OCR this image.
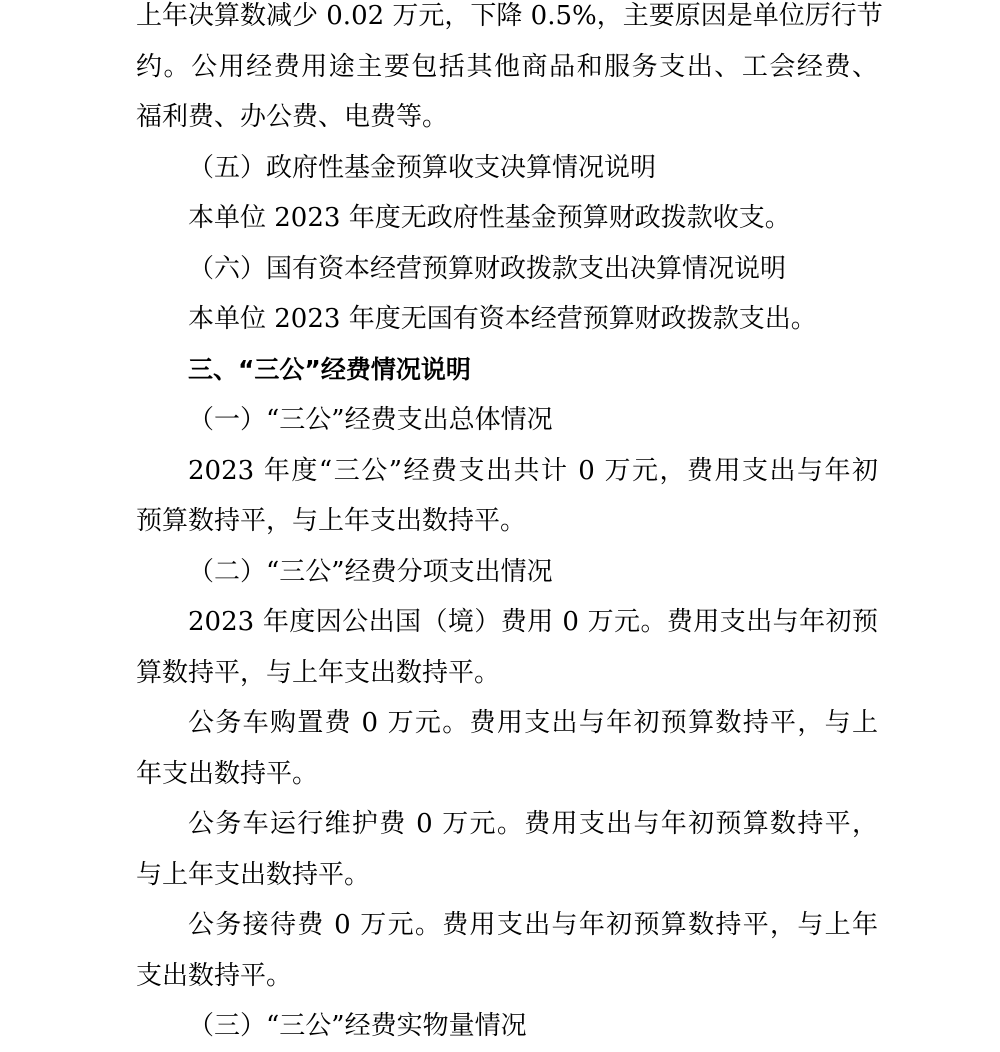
上年决算数减少 0.02 万元，下降 0.5%，主要原因是单位厉行节
约。公用经费用途主要包括其他商品和服务支出、工会经费、
福利费、办公费、电费等。
（五）政府性基金预算收支决算情况说明
本单位 2023 年度无政府性基金预算财政拨款收支。
（六）国有资本经营预算财政拨款支出决算情况说明
本单位 2023 年度无国有资本经营预算财政拨款支出。
三、“三公”经费情况说明
（一）“三公”经费支出总体情况
2023 年度“三公”经费支出共计 0 万元，费用支出与年初
预算数持平，与上年支出数持平。
（二）“三公”经费分项支出情况
2023 年度因公出国（境）费用 0 万元。费用支出与年初预
算数持平，与上年支出数持平。
公务车购置费 0 万元。费用支出与年初预算数持平，与上
年支出数持平。
公务车运行维护费 0 万元。费用支出与年初预算数持平，
与上年支出数持平。
公务接待费 0 万元。费用支出与年初预算数持平，与上年
支出数持平。
（三）“三公”经费实物量情况
